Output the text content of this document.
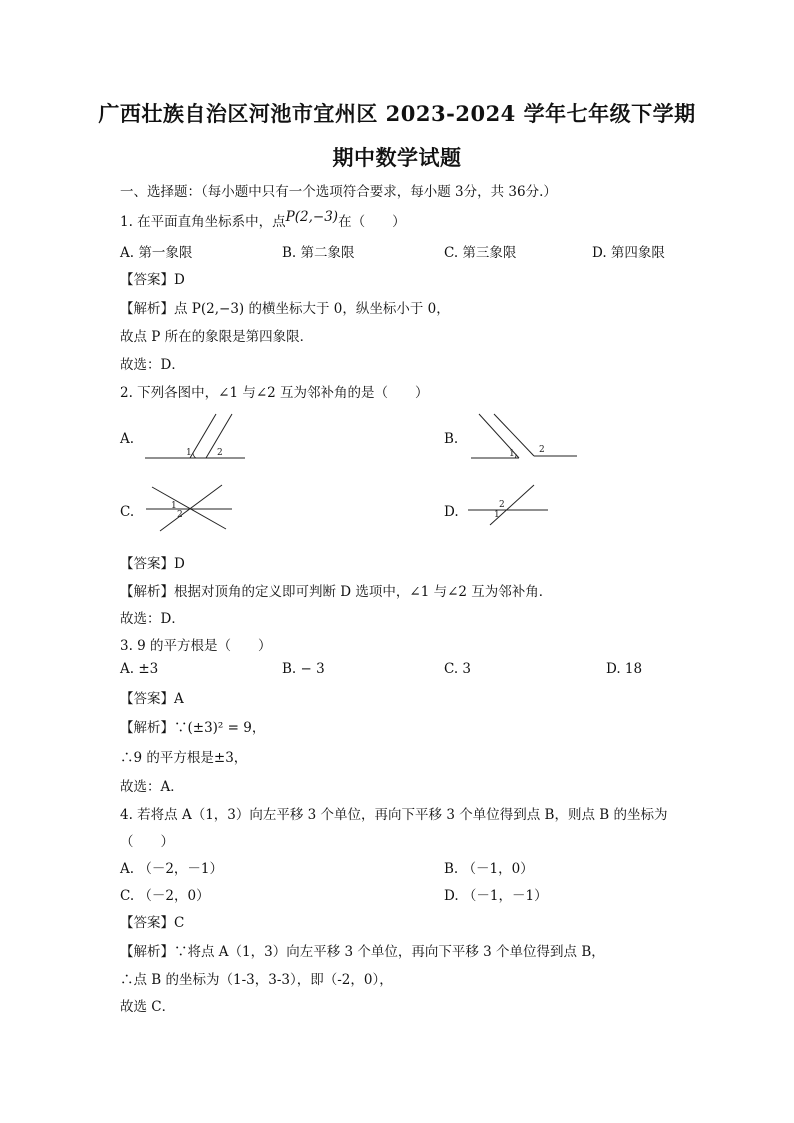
广西壮族自治区河池市宜州区 2023-2024 学年七年级下学期
期中数学试题
一、选择题：（每小题中只有一个选项符合要求，每小题 3分，共 36分.）
1. 在平面直角坐标系中，点P(2,−3)在（　　）
A. 第一象限	B. 第二象限	C. 第三象限	D. 第四象限
【答案】D
【解析】点 P(2,−3) 的横坐标大于 0，纵坐标小于 0，
故点 P 所在的象限是第四象限．
故选：D．
2. 下列各图中，∠1 与∠2 互为邻补角的是（　　）
A.
1	2
B.
1	2
C.	1
2	D.	2
1
【答案】D
【解析】根据对顶角的定义即可判断 D 选项中，∠1 与∠2 互为邻补角．
故选：D．
3. 9 的平方根是（　　）
A. ±3	B. − 3	C. 3	D. 18
【答案】A
【解析】∵(±3)² = 9，
∴9 的平方根是±3，
故选：A．
4. 若将点 A（1，3）向左平移 3 个单位，再向下平移 3 个单位得到点 B，则点 B 的坐标为
（　　）
A. （－2，－1）	B. （－1，0）
C. （－2，0）	D. （－1，－1）
【答案】C
【解析】∵将点 A（1，3）向左平移 3 个单位，再向下平移 3 个单位得到点 B，
∴点 B 的坐标为（1-3，3-3），即（-2，0），
故选 C．
